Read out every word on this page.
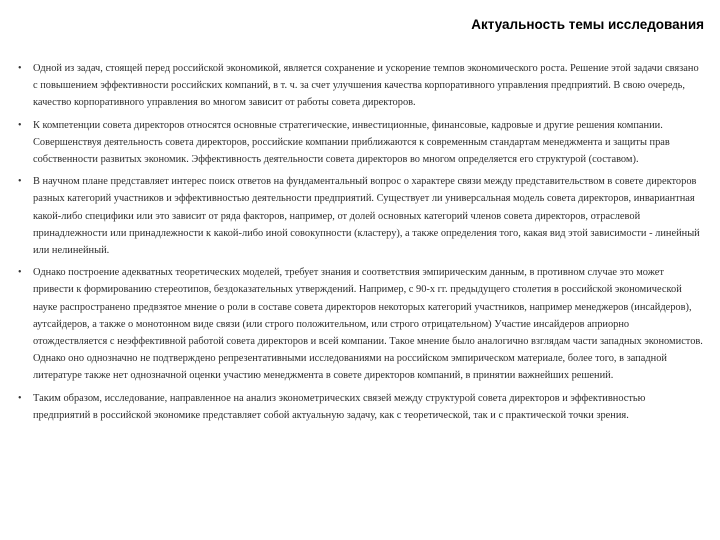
Актуальность темы исследования
• Одной из задач, стоящей перед российской экономикой, является сохранение и ускорение темпов экономического роста. Решение этой задачи связано с повышением эффективности российских компаний, в т. ч. за счет улучшения качества корпоративного управления предприятий. В свою очередь, качество корпоративного управления во многом зависит от работы совета директоров.
• К компетенции совета директоров относятся основные стратегические, инвестиционные, финансовые, кадровые и другие решения компании. Совершенствуя деятельность совета директоров, российские компании приближаются к современным стандартам менеджмента и защиты прав собственности развитых экономик. Эффективность деятельности совета директоров во многом определяется его структурой (составом).
• В научном плане представляет интерес поиск ответов на фундаментальный вопрос о характере связи между представительством в совете директоров разных категорий участников и эффективностью деятельности предприятий. Существует ли универсальная модель совета директоров, инвариантная какой-либо специфики или это зависит от ряда факторов, например, от долей основных категорий членов совета директоров, отраслевой принадлежности или принадлежности к какой-либо иной совокупности (кластеру), а также определения того, какая вид этой зависимости - линейный или нелинейный.
• Однако построение адекватных теоретических моделей, требует знания и соответствия эмпирическим данным, в противном случае это может привести к формированию стереотипов, бездоказательных утверждений. Например, с 90-х гг. предыдущего столетия в российской экономической науке распространено предвзятое мнение о роли в составе совета директоров некоторых категорий участников, например менеджеров (инсайдеров), аутсайдеров, а также о монотонном виде связи (или строго положительном, или строго отрицательном) Участие инсайдеров априорно отождествляется с неэффективной работой совета директоров и всей компании. Такое мнение было аналогично взглядам части западных экономистов. Однако оно однозначно не подтверждено репрезентативными исследованиями на российском эмпирическом материале, более того, в западной литературе также нет однозначной оценки участию менеджмента в совете директоров компаний, в принятии важнейших решений.
• Таким образом, исследование, направленное на анализ эконометрических связей между структурой совета директоров и эффективностью предприятий в российской экономике представляет собой актуальную задачу, как с теоретической, так и с практической точки зрения.
